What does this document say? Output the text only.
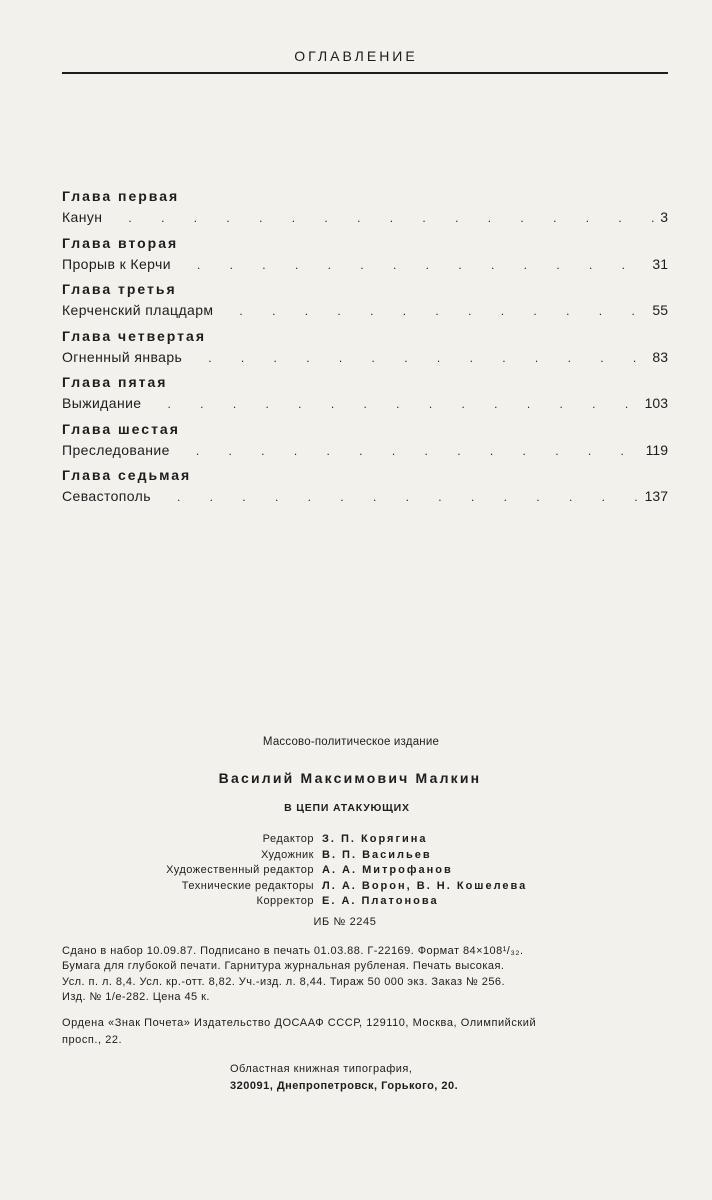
ОГЛАВЛЕНИЕ
Глава первая
Канун . . .	3
Глава вторая
Прорыв к Керчи . . .	31
Глава третья
Керченский плацдарм . . .	55
Глава четвертая
Огненный январь . . .	83
Глава пятая
Выжидание . . .	103
Глава шестая
Преследование . . .	119
Глава седьмая
Севастополь . . .	137
Массово-политическое издание
Василий Максимович Малкин
В ЦЕПИ АТАКУЮЩИХ
Редактор З. П. Корягина
Художник В. П. Васильев
Художественный редактор А. А. Митрофанов
Технические редакторы Л. А. Ворон, В. Н. Кошелева
Корректор Е. А. Платонова
ИБ № 2245
Сдано в набор 10.09.87. Подписано в печать 01.03.88. Г-22169. Формат 84×108¹/₃₂.
Бумага для глубокой печати. Гарнитура журнальная рубленая. Печать высокая.
Усл. п. л. 8,4. Усл. кр.-отт. 8,82. Уч.-изд. л. 8,44. Тираж 50 000 экз. Заказ № 256.
Изд. № 1/е-282. Цена 45 к.
Ордена «Знак Почета» Издательство ДОСААФ СССР, 129110, Москва, Олимпийский
просп., 22.
Областная книжная типография,
320091, Днепропетровск, Горького, 20.
